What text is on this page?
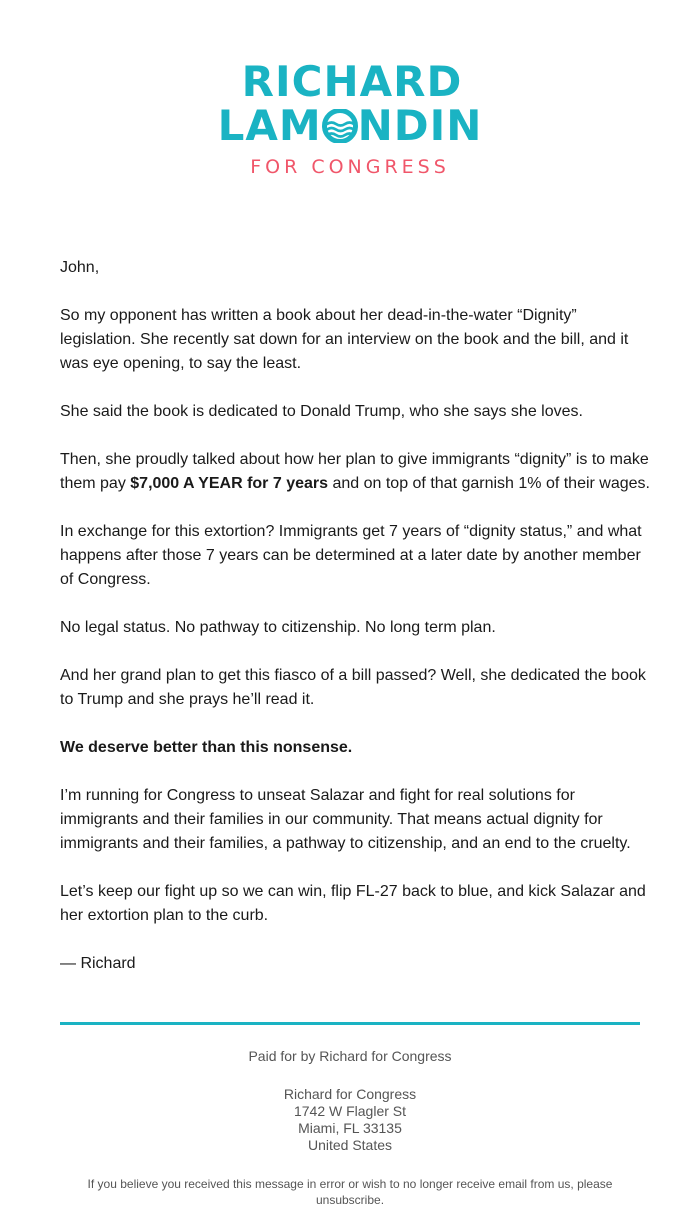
RICHARD
LAM NDIN
FOR CONGRESS

John,

So my opponent has written a book about her dead-in-the-water “Dignity” legislation. She recently sat down for an interview on the book and the bill, and it was eye opening, to say the least.

She said the book is dedicated to Donald Trump, who she says she loves.

Then, she proudly talked about how her plan to give immigrants “dignity” is to make them pay $7,000 A YEAR for 7 years and on top of that garnish 1% of their wages.

In exchange for this extortion? Immigrants get 7 years of “dignity status,” and what happens after those 7 years can be determined at a later date by another member of Congress.

No legal status. No pathway to citizenship. No long term plan.

And her grand plan to get this fiasco of a bill passed? Well, she dedicated the book to Trump and she prays he’ll read it.

We deserve better than this nonsense.

I’m running for Congress to unseat Salazar and fight for real solutions for immigrants and their families in our community. That means actual dignity for immigrants and their families, a pathway to citizenship, and an end to the cruelty.

Let’s keep our fight up so we can win, flip FL-27 back to blue, and kick Salazar and her extortion plan to the curb.

— Richard

Paid for by Richard for Congress
Richard for Congress
1742 W Flagler St
Miami, FL 33135
United States
If you believe you received this message in error or wish to no longer receive email from us, please unsubscribe.
